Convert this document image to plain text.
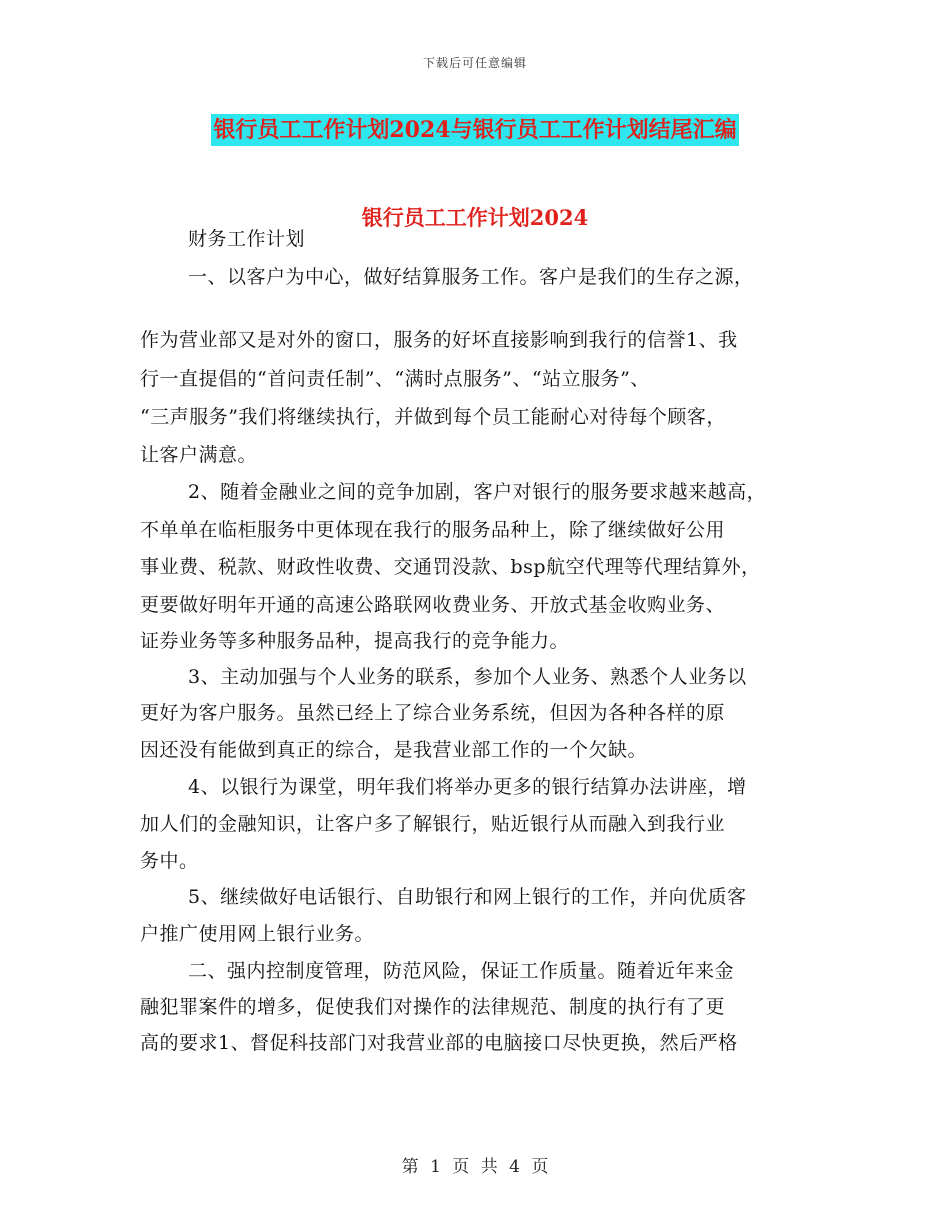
下载后可任意编辑
银行员工工作计划2024与银行员工工作计划结尾汇编
银行员工工作计划2024
财务工作计划
一、以客户为中心，做好结算服务工作。客户是我们的生存之源，
作为营业部又是对外的窗口，服务的好坏直接影响到我行的信誉1、我
行一直提倡的“首问责任制”、“满时点服务”、“站立服务”、
“三声服务”我们将继续执行，并做到每个员工能耐心对待每个顾客，
让客户满意。
2、随着金融业之间的竞争加剧，客户对银行的服务要求越来越高，
不单单在临柜服务中更体现在我行的服务品种上，除了继续做好公用
事业费、税款、财政性收费、交通罚没款、bsp航空代理等代理结算外，
更要做好明年开通的高速公路联网收费业务、开放式基金收购业务、
证券业务等多种服务品种，提高我行的竞争能力。
3、主动加强与个人业务的联系，参加个人业务、熟悉个人业务以
更好为客户服务。虽然已经上了综合业务系统，但因为各种各样的原
因还没有能做到真正的综合，是我营业部工作的一个欠缺。
4、以银行为课堂，明年我们将举办更多的银行结算办法讲座，增
加人们的金融知识，让客户多了解银行，贴近银行从而融入到我行业
务中。
5、继续做好电话银行、自助银行和网上银行的工作，并向优质客
户推广使用网上银行业务。
二、强内控制度管理，防范风险，保证工作质量。随着近年来金
融犯罪案件的增多，促使我们对操作的法律规范、制度的执行有了更
高的要求1、督促科技部门对我营业部的电脑接口尽快更换，然后严格
第 1 页 共 4 页
